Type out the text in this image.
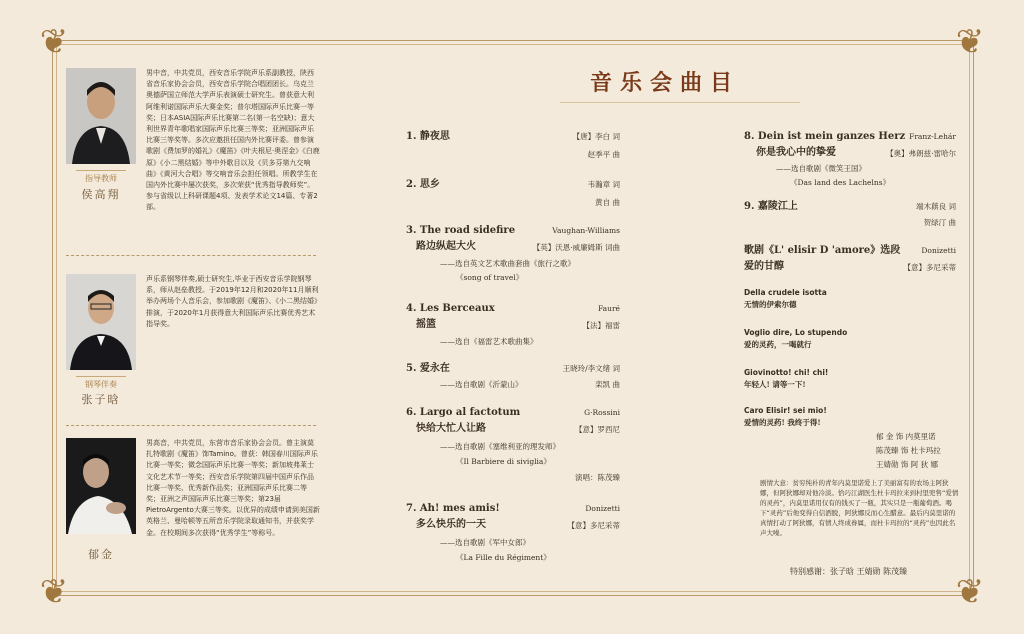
❦	❦
❦	❦
指导教师
侯高翔
男中音，中共党员，西安音乐学院声乐系副教授，陕西省音乐家协会会员，西安音乐学院合唱团团长。乌克兰奥德萨国立师范大学声乐表演硕士研究生。曾获意大利阿维利诺国际声乐大赛金奖；普尔塔国际声乐比赛一等奖；日本ASIA国际声乐比赛第二名(第一名空缺)；意大利世界青年歌唱家国际声乐比赛三等奖；亚洲国际声乐比赛三等奖等。多次应邀担任国内外比赛评委。曾参演歌剧《费加罗的婚礼》《魔笛》《叶夫根尼·奥涅金》《白鹿原》《小二黑结婚》等中外歌目以及《贝多芬第九交响曲》《黄河大合唱》等交响音乐会担任领唱。所教学生在国内外比赛中屡次获奖，多次荣获“优秀指导教师奖”。参与省级以上科研课题4项、发表学术论文14篇、专著2部。
钢琴伴奏
张子晗
声乐系钢琴伴奏,硕士研究生,毕业于西安音乐学院钢琴系，师从赵垒教授。于2019年12月和2020年11月顺利举办两场个人音乐会，参加歌剧《魔笛》、《小二黑结婚》排演，于2020年1月获得意大利国际声乐比赛优秀艺术指导奖。
郁金
男高音，中共党员，东营市音乐家协会会员。曾主演莫扎特歌剧《魔笛》饰Tamino。曾获：韩国春川国际声乐比赛一等奖；微念国际声乐比赛一等奖；新加坡弗莱士文化艺术节一等奖；西安音乐学院第四届中国声乐作品比赛一等奖、优秀新作品奖；亚洲国际声乐比赛二等奖；亚洲之声国际声乐比赛三等奖；第23届PietroArgento大赛三等奖。以优异的成绩申请到美国新英格兰、曼哈顿等五所音乐学院录取通知书，并获奖学金。在校期间多次获得“优秀学生”等称号。
音乐会曲目
1. 静夜思	【唐】李白 词
赵季平 曲
2. 思乡	韦瀚章 词
黄自 曲
3. The road sidefire	Vaughan-Williams
路边纵起大火	【英】沃恩·威廉姆斯 词曲
——选自英文艺术歌曲套曲《旅行之歌》
《song of travel》
4. Les Berceaux	Fauré
摇篮	【法】福雷
——选自《福雷艺术歌曲集》
5. 爱永在	王晓玲/李文绪 词
——选自歌剧《沂蒙山》	栾凯 曲
6. Largo al factotum	G·Rossini
快给大忙人让路	【意】罗西尼
——选自歌剧《塞维利亚的理发师》
《Il Barbiere di siviglia》
演唱：陈茂臻
7. Ah! mes amis!	Donizetti
多么快乐的一天	【意】多尼采蒂
——选自歌剧《军中女郎》
《La Fille du Régiment》
8. Dein ist mein ganzes Herz Franz-Lehár
你是我心中的挚爱	【奥】弗朗兹·雷哈尔
——选自歌剧《微笑王国》
《Das land des Lachelns》
9. 嘉陵江上	端木蕻良 词
贺绿汀 曲
歌剧《L' elisir D 'amore》选段	Donizetti
爱的甘醇	【意】多尼采蒂
Della crudele isotta
无情的伊索尔德
Voglio dire, Lo stupendo
爱的灵药，一喝就行
Giovinotto! chi! chi!
年轻人! 请等一下!
Caro Elisir! sei mio!
爱情的灵药! 我终于得!
郁 金 饰 内莫里诺
陈茂臻 饰 杜卡玛拉
王婧勋 饰 阿 狄 娜
剧情大意：贫穷纯朴的青年内莫里诺爱上了美丽富有的农场主阿狄娜，但阿狄娜却对他冷淡。恰巧江湖医生杜卡玛拉来到村里兜售“爱情的灵药”，内莫里诺用仅有的钱买了一瓶，其实只是一瓶葡萄酒。喝下“灵药”后他变得自信洒脱，阿狄娜反而心生醋意。最后内莫里诺的真情打动了阿狄娜，有情人终成眷属，而杜卡玛拉的“灵药”也因此名声大噪。
特别感谢：张子晗 王婧勋 陈茂臻
